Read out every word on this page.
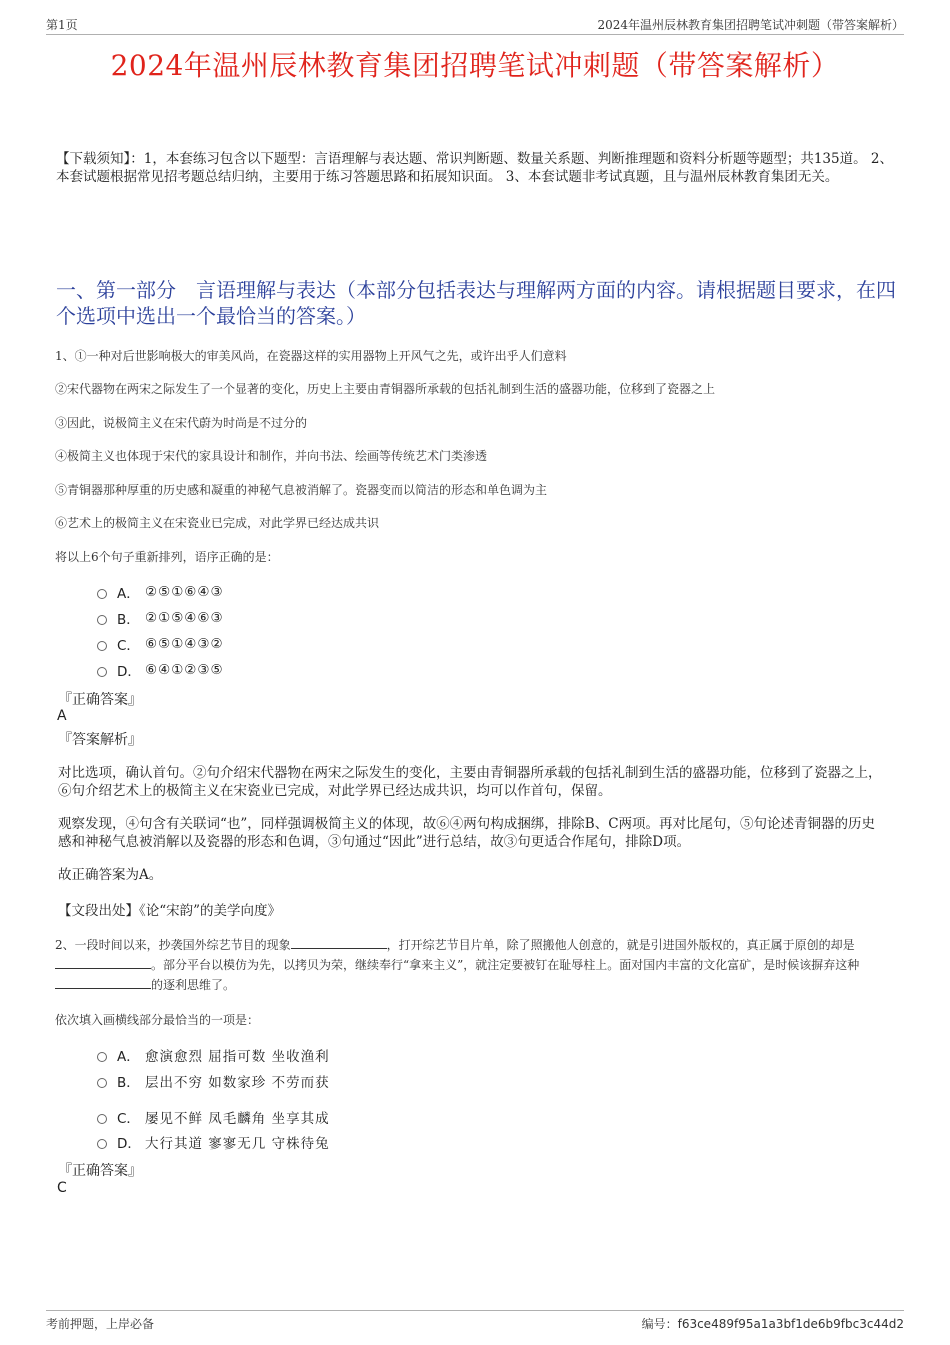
第1页	2024年温州辰林教育集团招聘笔试冲刺题（带答案解析）
2024年温州辰林教育集团招聘笔试冲刺题（带答案解析）
【下载须知】：1，本套练习包含以下题型：言语理解与表达题、常识判断题、数量关系题、判断推理题和资料分析题等题型；共135道。 2、本套试题根据常见招考题总结归纳，主要用于练习答题思路和拓展知识面。 3、本套试题非考试真题，且与温州辰林教育集团无关。
一、第一部分　言语理解与表达（本部分包括表达与理解两方面的内容。请根据题目要求，在四个选项中选出一个最恰当的答案。）
1、①一种对后世影响极大的审美风尚，在瓷器这样的实用器物上开风气之先，或许出乎人们意料
②宋代器物在两宋之际发生了一个显著的变化，历史上主要由青铜器所承载的包括礼制到生活的盛器功能，位移到了瓷器之上
③因此，说极简主义在宋代蔚为时尚是不过分的
④极简主义也体现于宋代的家具设计和制作，并向书法、绘画等传统艺术门类渗透
⑤青铜器那种厚重的历史感和凝重的神秘气息被消解了。瓷器变而以简洁的形态和单色调为主
⑥艺术上的极简主义在宋瓷业已完成，对此学界已经达成共识
将以上6个句子重新排列，语序正确的是：
A． ②⑤①⑥④③
B． ②①⑤④⑥③
C． ⑥⑤①④③②
D． ⑥④①②③⑤
『正确答案』
A
『答案解析』
对比选项，确认首句。②句介绍宋代器物在两宋之际发生的变化，主要由青铜器所承载的包括礼制到生活的盛器功能，位移到了瓷器之上，⑥句介绍艺术上的极简主义在宋瓷业已完成，对此学界已经达成共识，均可以作首句，保留。
观察发现，④句含有关联词“也”，同样强调极简主义的体现，故⑥④两句构成捆绑，排除B、C两项。再对比尾句，⑤句论述青铜器的历史感和神秘气息被消解以及瓷器的形态和色调，③句通过“因此”进行总结，故③句更适合作尾句，排除D项。
故正确答案为A。
【文段出处】《论“宋韵”的美学向度》
2、一段时间以来，抄袭国外综艺节目的现象	，打开综艺节目片单，除了照搬他人创意的，就是引进国外版权的，真正属于原创的却是。部分平台以模仿为先，以拷贝为荣，继续奉行“拿来主义”，就注定要被钉在耻辱柱上。面对国内丰富的文化富矿，是时候该摒弃这种的逐利思维了。
依次填入画横线部分最恰当的一项是：
A． 愈演愈烈 屈指可数 坐收渔利
B． 层出不穷 如数家珍 不劳而获
C． 屡见不鲜 凤毛麟角 坐享其成
D． 大行其道 寥寥无几 守株待兔
『正确答案』
C
考前押题，上岸必备	编号：f63ce489f95a1a3bf1de6b9fbc3c44d2
